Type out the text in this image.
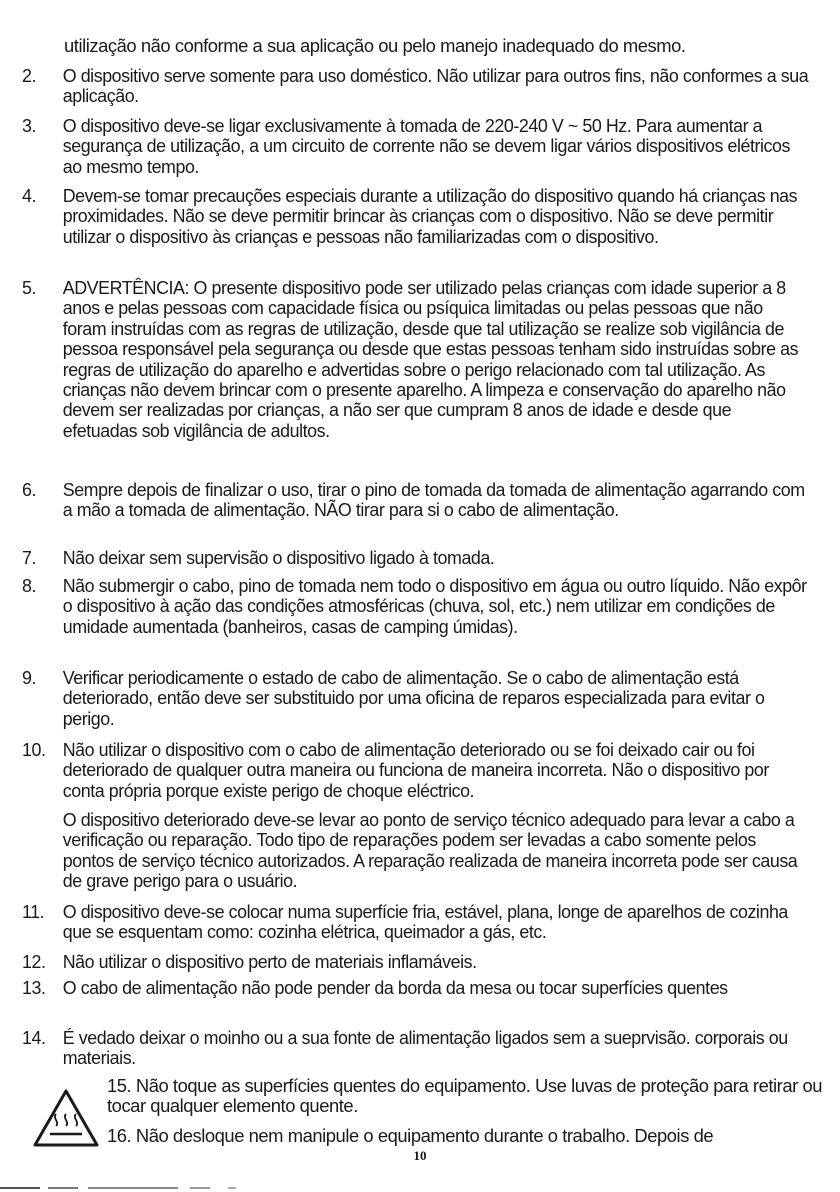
utilização não conforme a sua aplicação ou pelo manejo inadequado do mesmo.
2.	O dispositivo serve somente para uso doméstico. Não utilizar para outros fins, não conformes a sua aplicação.
3.	O dispositivo deve-se ligar exclusivamente à tomada de 220-240 V ~ 50 Hz. Para aumentar a segurança de utilização, a um circuito de corrente não se devem ligar vários dispositivos elétricos ao mesmo tempo.
4.	Devem-se tomar precauções especiais durante a utilização do dispositivo quando há crianças nas proximidades. Não se deve permitir brincar às crianças com o dispositivo. Não se deve permitir utilizar o dispositivo às crianças e pessoas não familiarizadas com o dispositivo.
5.	ADVERTÊNCIA: O presente dispositivo pode ser utilizado pelas crianças com idade superior a 8 anos e pelas pessoas com capacidade física ou psíquica limitadas ou pelas pessoas que não foram instruídas com as regras de utilização, desde que tal utilização se realize sob vigilância de pessoa responsável pela segurança ou desde que estas pessoas tenham sido instruídas sobre as regras de utilização do aparelho e advertidas sobre o perigo relacionado com tal utilização. As crianças não devem brincar com o presente aparelho. A limpeza e conservação do aparelho não devem ser realizadas por crianças, a não ser que cumpram 8 anos de idade e desde que efetuadas sob vigilância de adultos.
6.	Sempre depois de finalizar o uso, tirar o pino de tomada da tomada de alimentação agarrando com a mão a tomada de alimentação. NÃO tirar para si o cabo de alimentação.
7.	Não deixar sem supervisão o dispositivo ligado à tomada.
8.	Não submergir o cabo, pino de tomada nem todo o dispositivo em água ou outro líquido. Não expôr o dispositivo à ação das condições atmosféricas (chuva, sol, etc.) nem utilizar em condições de umidade aumentada (banheiros, casas de camping úmidas).
9.	Verificar periodicamente o estado de cabo de alimentação. Se o cabo de alimentação está deteriorado, então deve ser substituido por uma oficina de reparos especializada para evitar o perigo.
10. Não utilizar o dispositivo com o cabo de alimentação deteriorado ou se foi deixado cair ou foi deteriorado de qualquer outra maneira ou funciona de maneira incorreta. Não o dispositivo por conta própria porque existe perigo de choque eléctrico.
O dispositivo deteriorado deve-se levar ao ponto de serviço técnico adequado para levar a cabo a verificação ou reparação. Todo tipo de reparações podem ser levadas a cabo somente pelos pontos de serviço técnico autorizados. A reparação realizada de maneira incorreta pode ser causa de grave perigo para o usuário.
11.	O dispositivo deve-se colocar numa superfície fria, estável, plana, longe de aparelhos de cozinha que se esquentam como: cozinha elétrica, queimador a gás, etc.
12. Não utilizar o dispositivo perto de materiais inflamáveis.
13. O cabo de alimentação não pode pender da borda da mesa ou tocar superfícies quentes
14. É vedado deixar o moinho ou a sua fonte de alimentação ligados sem a sueprvisão. corporais ou materiais.
15. Não toque as superfícies quentes do equipamento. Use luvas de proteção para retirar ou tocar qualquer elemento quente.
16. Não desloque nem manipule o equipamento durante o trabalho. Depois de
10
